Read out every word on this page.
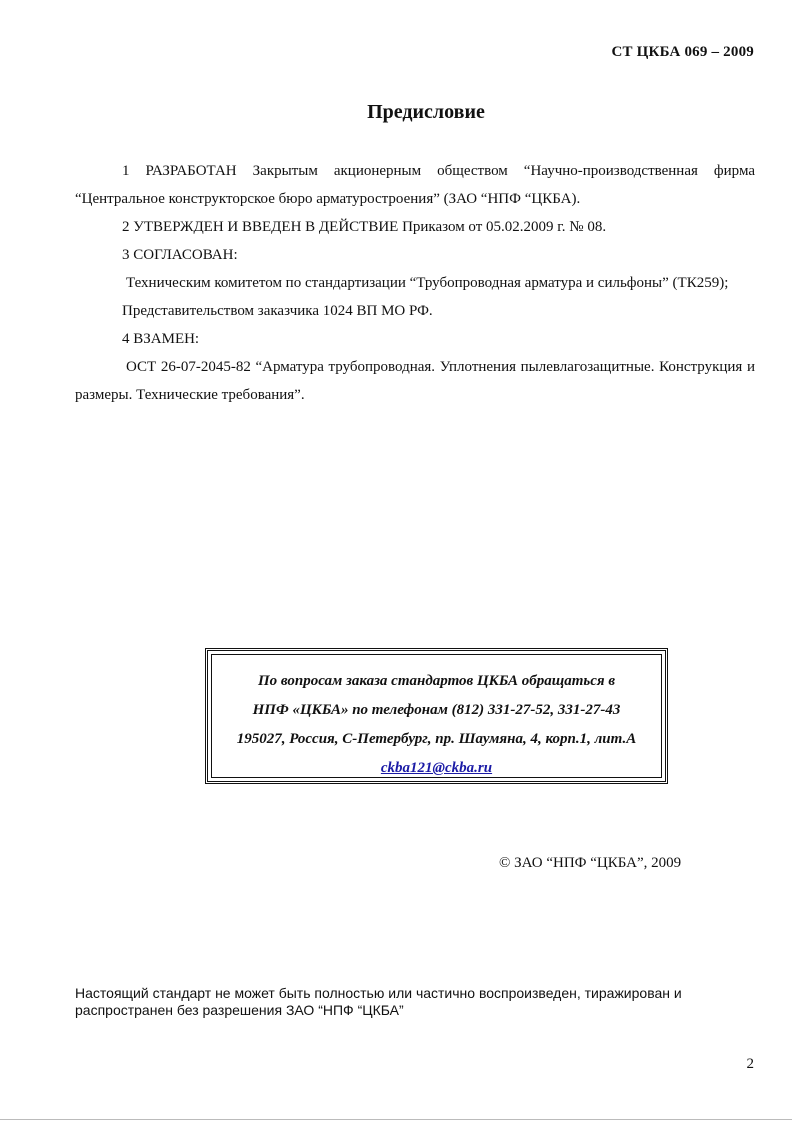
СТ ЦКБА 069 – 2009
Предисловие

1 РАЗРАБОТАН Закрытым акционерным обществом “Научно-производственная фирма “Центральное конструкторское бюро арматуростроения” (ЗАО “НПФ “ЦКБА).

2 УТВЕРЖДЕН И ВВЕДЕН В ДЕЙСТВИЕ Приказом от 05.02.2009 г. № 08.

3 СОГЛАСОВАН:

Техническим комитетом по стандартизации “Трубопроводная арматура и сильфоны” (ТК259);

Представительством заказчика 1024 ВП МО РФ.

4 ВЗАМЕН:

ОСТ 26-07-2045-82 “Арматура трубопроводная. Уплотнения пылевлагозащитные. Конструкция и размеры. Технические требования”.

По вопросам заказа стандартов ЦКБА обращаться в

НПФ «ЦКБА» по телефонам (812) 331-27-52, 331-27-43

195027, Россия, С-Петербург, пр. Шаумяна, 4, корп.1, лит.А

ckba121@ckba.ru

© ЗАО “НПФ “ЦКБА”, 2009

Настоящий стандарт не может быть полностью или частично воспроизведен, тиражирован и

распространен без разрешения ЗАО “НПФ “ЦКБА”

2
